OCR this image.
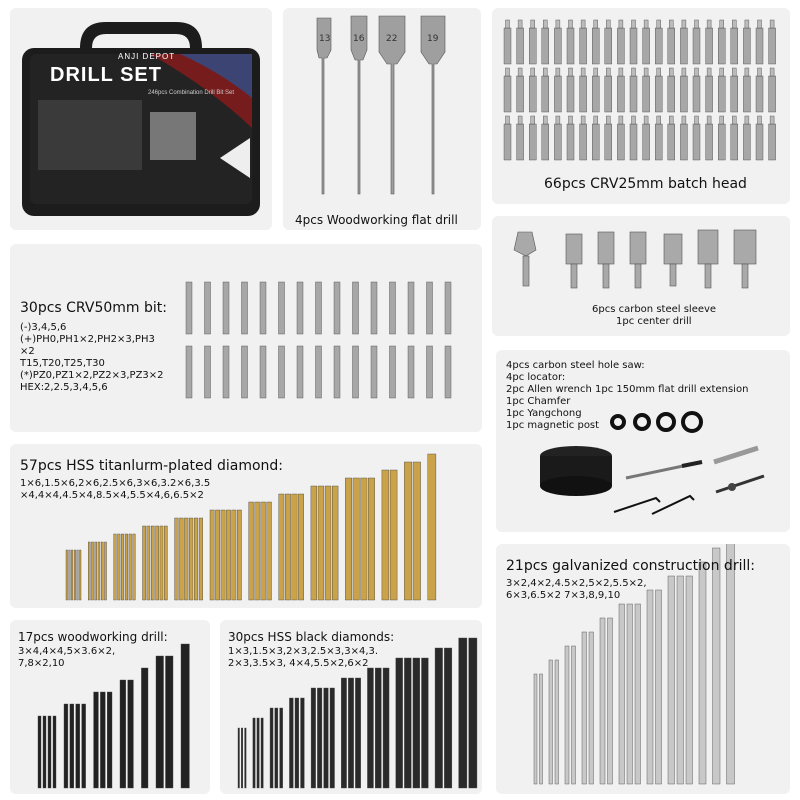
ANJI DEPOT
DRILL SET
246pcs Combination Drill Bit Set
13	16 22	19
4pcs Woodworking flat drill
66pcs CRV25mm batch head
30pcs CRV50mm bit:
(-)3,4,5,6
(+)PH0,PH1×2,PH2×3,PH3
×2
T15,T20,T25,T30
(*)PZ0,PZ1×2,PZ2×3,PZ3×2
HEX:2,2.5,3,4,5,6
6pcs carbon steel sleeve
1pc center drill
4pcs carbon steel hole saw:
4pc locator:
2pc Allen wrench 1pc 150mm flat drill extension
1pc Chamfer
1pc Yangchong
1pc magnetic post
57pcs HSS titanlurm-plated diamond:
1×6,1.5×6,2×6,2.5×6,3×6,3.2×6,3.5
×4,4×4,4.5×4,8.5×4,5.5×4,6,6.5×2
21pcs galvanized construction drill:
3×2,4×2,4.5×2,5×2,5.5×2,
6×3,6.5×2 7×3,8,9,10
17pcs woodworking drill:
3×4,4×4,5×3.6×2,
7,8×2,10
30pcs HSS black diamonds:
1×3,1.5×3,2×3,2.5×3,3×4,3.
2×3,3.5×3, 4×4,5.5×2,6×2
